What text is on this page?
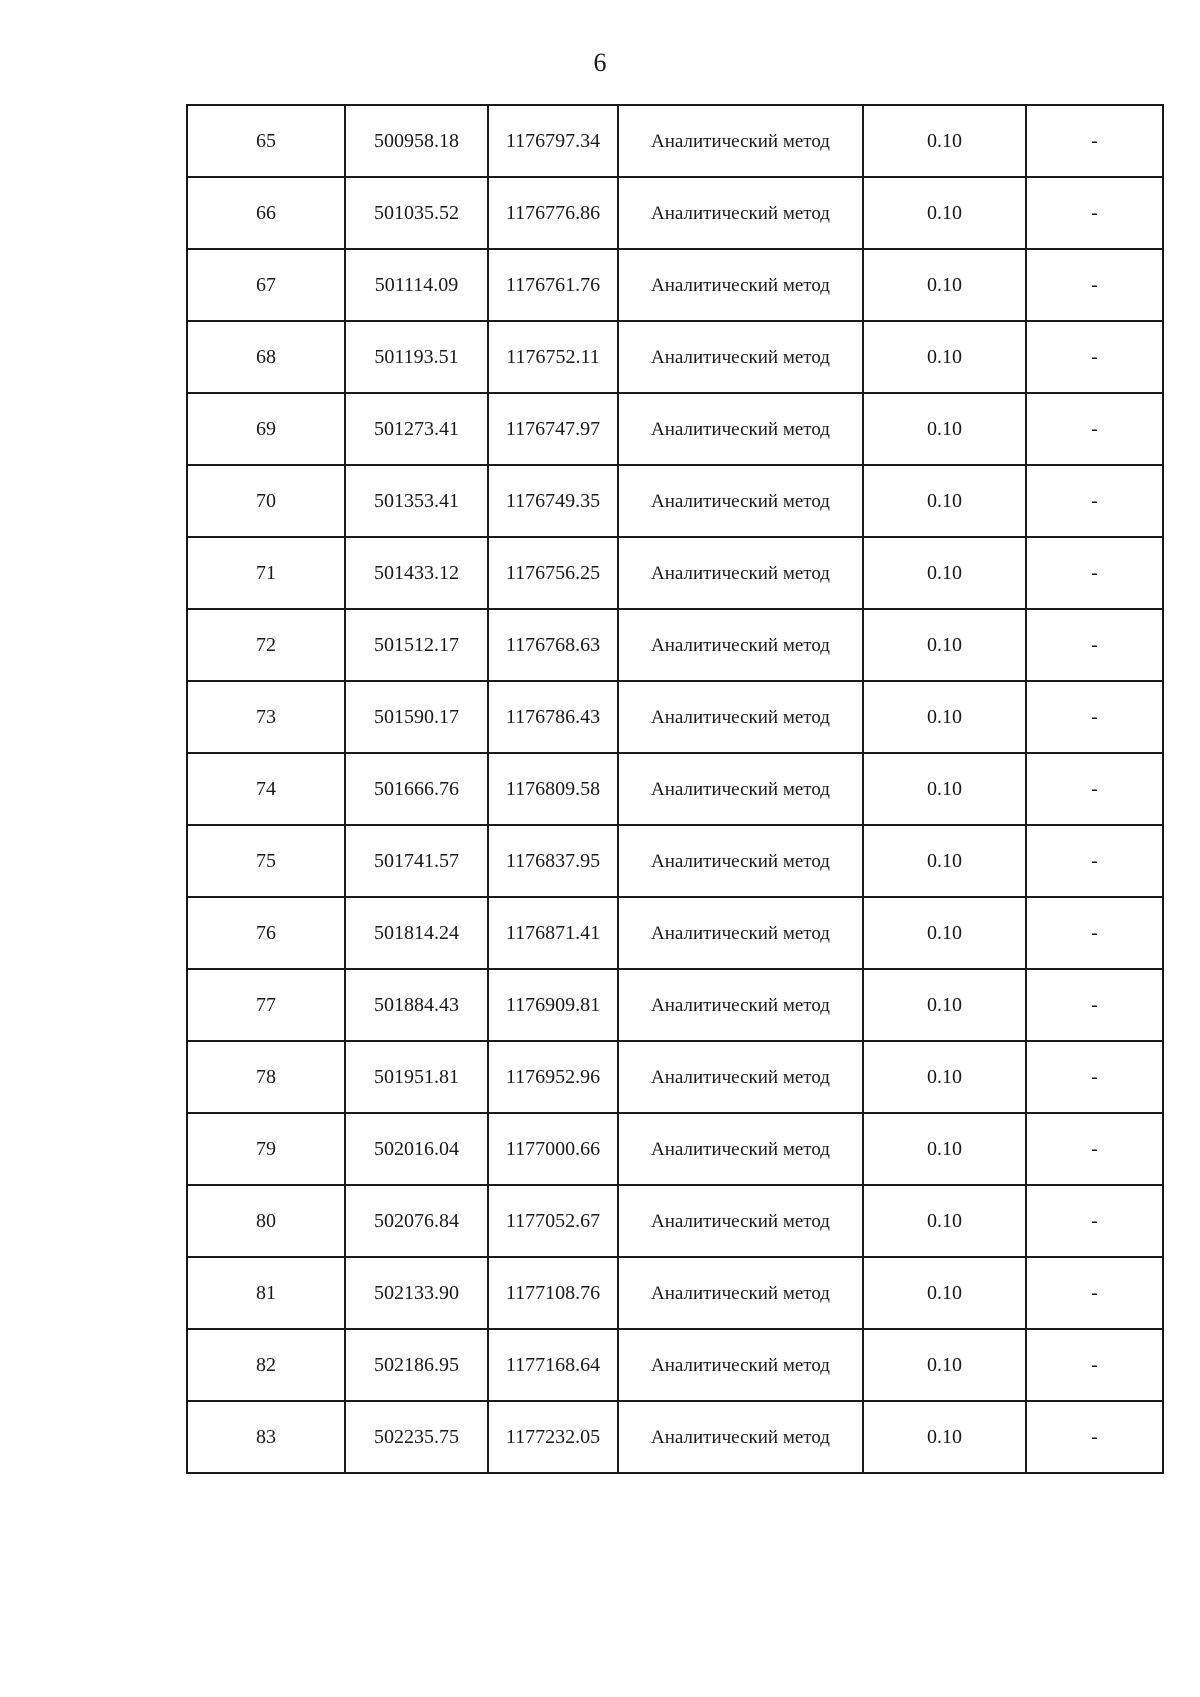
6
65	500958.18	1176797.34	Аналитический метод	0.10	-
66	501035.52	1176776.86	Аналитический метод	0.10	-
67	501114.09	1176761.76	Аналитический метод	0.10	-
68	501193.51	1176752.11	Аналитический метод	0.10	-
69	501273.41	1176747.97	Аналитический метод	0.10	-
70	501353.41	1176749.35	Аналитический метод	0.10	-
71	501433.12	1176756.25	Аналитический метод	0.10	-
72	501512.17	1176768.63	Аналитический метод	0.10	-
73	501590.17	1176786.43	Аналитический метод	0.10	-
74	501666.76	1176809.58	Аналитический метод	0.10	-
75	501741.57	1176837.95	Аналитический метод	0.10	-
76	501814.24	1176871.41	Аналитический метод	0.10	-
77	501884.43	1176909.81	Аналитический метод	0.10	-
78	501951.81	1176952.96	Аналитический метод	0.10	-
79	502016.04	1177000.66	Аналитический метод	0.10	-
80	502076.84	1177052.67	Аналитический метод	0.10	-
81	502133.90	1177108.76	Аналитический метод	0.10	-
82	502186.95	1177168.64	Аналитический метод	0.10	-
83	502235.75	1177232.05	Аналитический метод	0.10	-
